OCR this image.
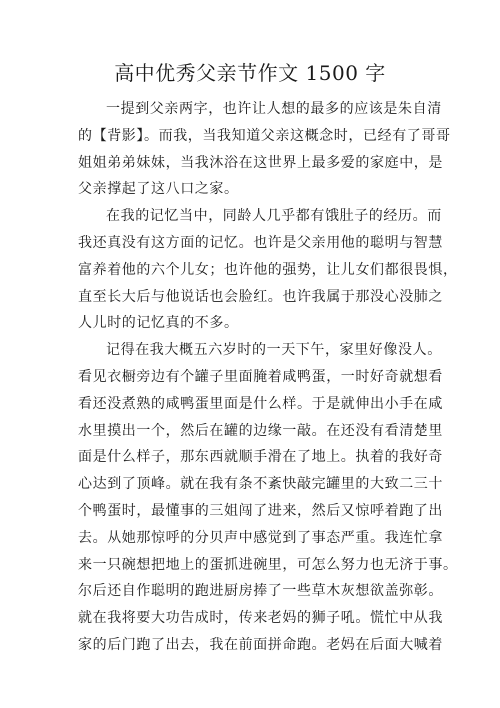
高中优秀父亲节作文 1500 字
一提到父亲两字，也许让人想的最多的应该是朱自清
的【背影】。而我，当我知道父亲这概念时，已经有了哥哥
姐姐弟弟妹妹，当我沐浴在这世界上最多爱的家庭中，是
父亲撑起了这八口之家。
在我的记忆当中，同龄人几乎都有饿肚子的经历。而
我还真没有这方面的记忆。也许是父亲用他的聪明与智慧
富养着他的六个儿女；也许他的强势，让儿女们都很畏惧，
直至长大后与他说话也会脸红。也许我属于那没心没肺之
人儿时的记忆真的不多。
记得在我大概五六岁时的一天下午，家里好像没人。
看见衣橱旁边有个罐子里面腌着咸鸭蛋，一时好奇就想看
看还没煮熟的咸鸭蛋里面是什么样。于是就伸出小手在咸
水里摸出一个，然后在罐的边缘一敲。在还没有看清楚里
面是什么样子，那东西就顺手滑在了地上。执着的我好奇
心达到了顶峰。就在我有条不紊快敲完罐里的大致二三十
个鸭蛋时，最懂事的三姐闯了进来，然后又惊呼着跑了出
去。从她那惊呼的分贝声中感觉到了事态严重。我连忙拿
来一只碗想把地上的蛋抓进碗里，可怎么努力也无济于事。
尔后还自作聪明的跑进厨房捧了一些草木灰想欲盖弥彰。
就在我将要大功告成时，传来老妈的狮子吼。慌忙中从我
家的后门跑了出去，我在前面拼命跑。老妈在后面大喊着
